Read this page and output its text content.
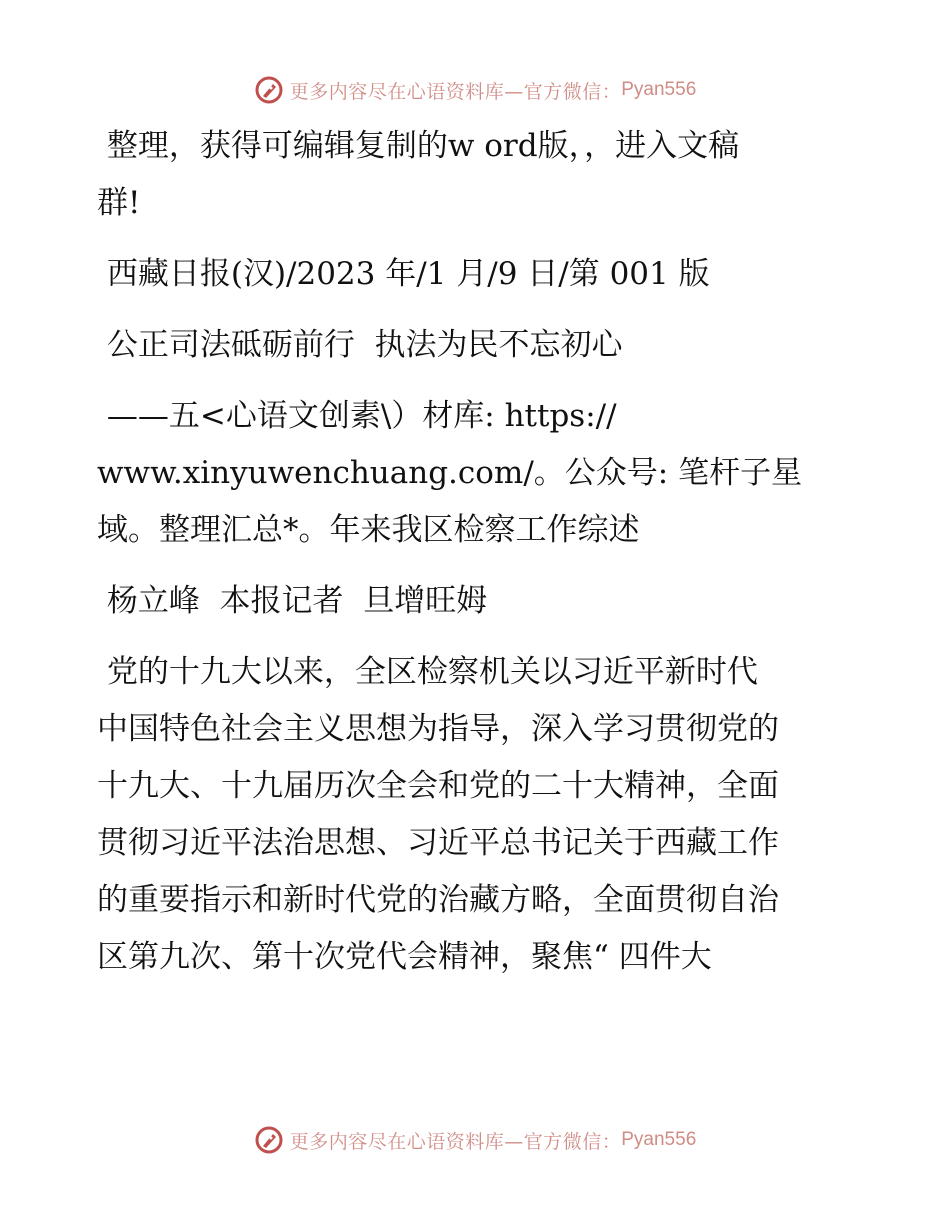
更多内容尽在心语资料库—官方微信： Pyan556
整理，获得可编辑复制的w ord版，，进入文稿
群!
西藏日报(汉)/2023 年/1 月/9 日/第 001 版
公正司法砥砺前行  执法为民不忘初心
——五<心语文创素\）材库: https://
www.xinyuwenchuang.com/。公众号: 笔杆子星
域。整理汇总*。年来我区检察工作综述
杨立峰  本报记者  旦增旺姆
党的十九大以来，全区检察机关以习近平新时代
中国特色社会主义思想为指导，深入学习贯彻党的
十九大、十九届历次全会和党的二十大精神，全面
贯彻习近平法治思想、习近平总书记关于西藏工作
的重要指示和新时代党的治藏方略，全面贯彻自治
区第九次、第十次党代会精神，聚焦“ 四件大
更多内容尽在心语资料库—官方微信： Pyan556
